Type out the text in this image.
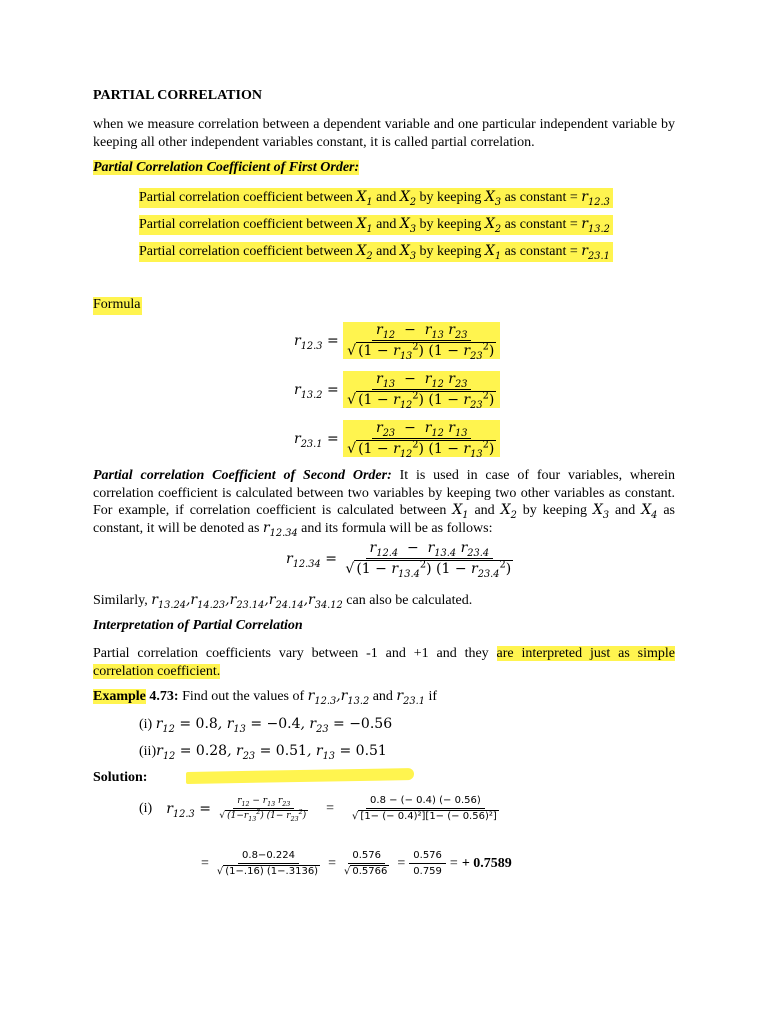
PARTIAL CORRELATION
when we measure correlation between a dependent variable and one particular independent variable by keeping all other independent variables constant, it is called partial correlation.
Partial Correlation Coefficient of First Order:
Partial correlation coefficient between $X_1$ and $X_2$ by keeping $X_3$ as constant = $r_{12.3}$
Partial correlation coefficient between $X_1$ and $X_3$ by keeping $X_2$ as constant = $r_{13.2}$
Partial correlation coefficient between $X_2$ and $X_3$ by keeping $X_1$ as constant = $r_{23.1}$
Formula
$r_{12.3} = \frac{r_{12} - r_{13} r_{23}}{√ (1 - r_{13}^2) (1 - r_{23}^2)}$
$r_{13.2} = \frac{r_{13} - r_{12} r_{23}}{√ (1 - r_{12}^2) (1 - r_{23}^2)}$
$r_{23.1} = \frac{r_{23} - r_{12} r_{13}}{√ (1 - r_{12}^2) (1 - r_{13}^2)}$
Partial correlation Coefficient of Second Order: It is used in case of four variables, wherein correlation coefficient is calculated between two variables by keeping two other variables as constant. For example, if correlation coefficient is calculated between $X_1$ and $X_2$ by keeping $X_3$ and $X_4$ as constant, it will be denoted as $r_{12.34}$ and its formula will be as follows:
$r_{12.34} = \frac{r_{12.4} - r_{13.4} r_{23.4}}{√ (1 - r_{13.4}^2) (1 - r_{23.4}^2)}$
Similarly, $r_{13.24},r_{14.23},r_{23.14},r_{24.14},r_{34.12}$ can also be calculated.
Interpretation of Partial Correlation
Partial correlation coefficients vary between -1 and +1 and they are interpreted just as simple correlation coefficient.
Example 4.73: Find out the values of $r_{12.3},r_{13.2}$ and $r_{23.1}$ if
(i) $r_{12} = 0.8$, $r_{13} = -0.4$, $r_{23} = -0.56$
$(ii)r_{12} = 0.28$, $r_{23} = 0.51$, $r_{13} = 0.51$
Solution:
(i) $r_{12.3} = \frac{r_{12} - r_{13} r_{23}}{√ (1-r_{13}^2) (1- r_{23}^2)} = \frac{0.8 - (- 0.4) (- 0.56)}{\text{√ [1− (− 0.4)²][1− (− 0.56)²]}}$
= $\frac{0.8-0.224}{√ (1-.16) (1-.3136)} = \frac{0.576}{√ 0.5766} = \frac{0.576}{0.759}$ = + 0.7589
